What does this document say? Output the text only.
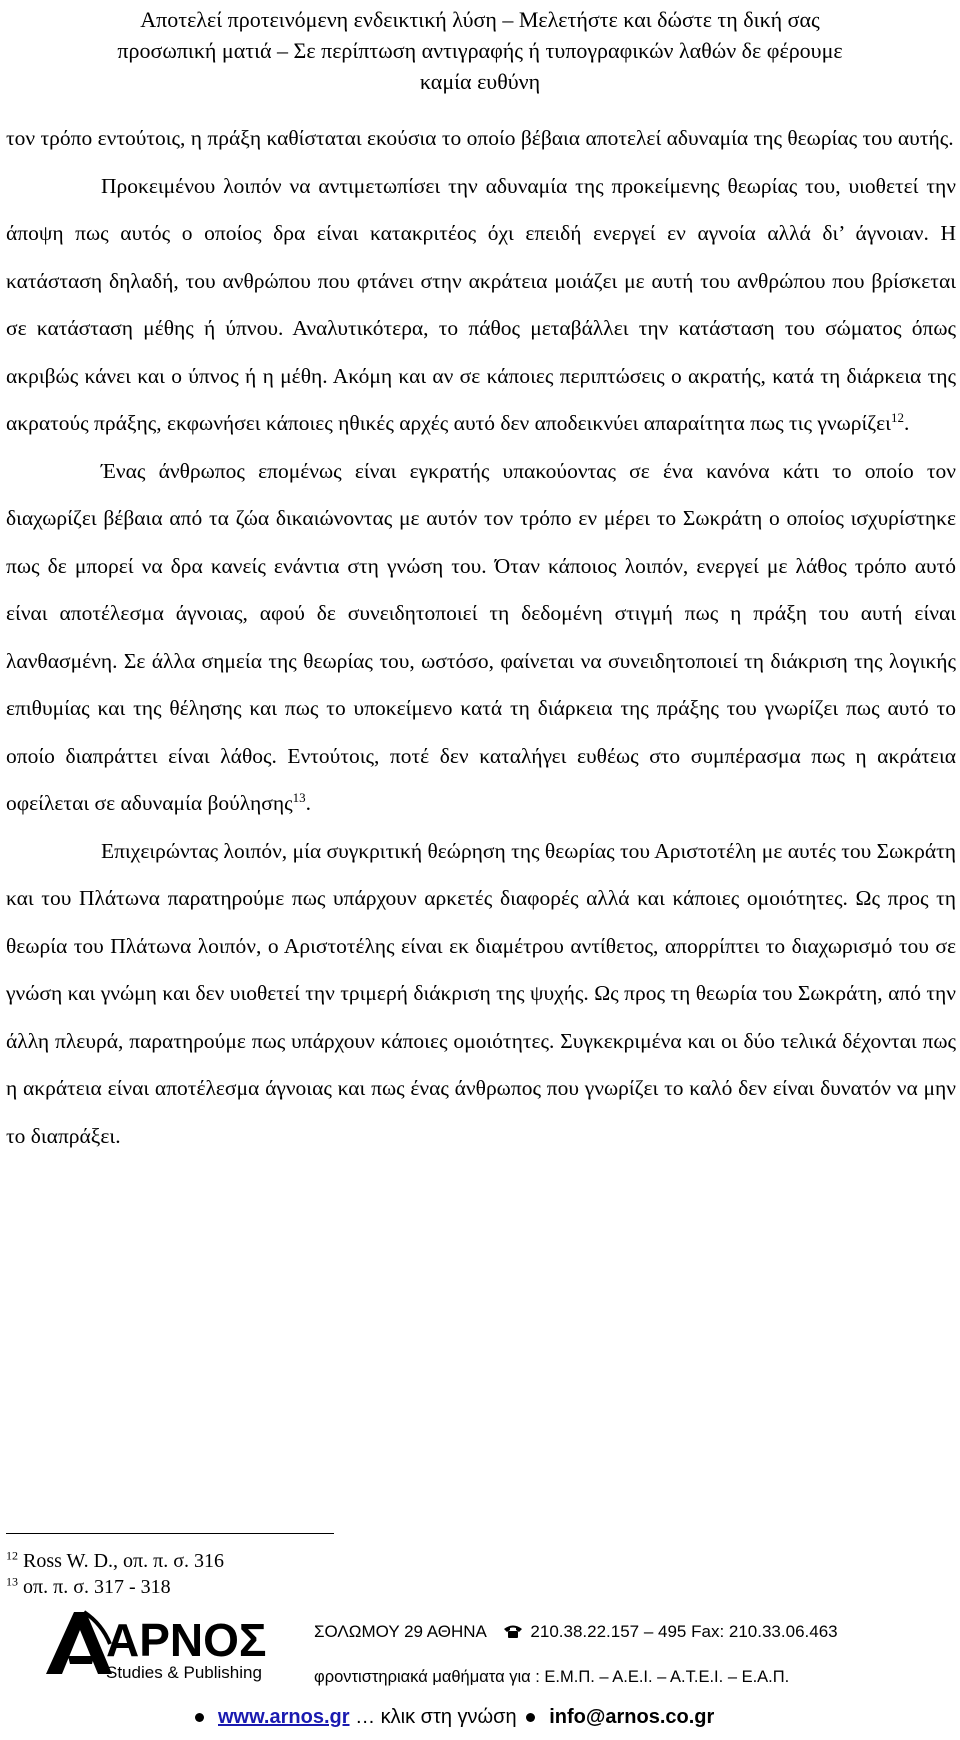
Αποτελεί προτεινόμενη ενδεικτική λύση – Μελετήστε και δώστε τη δική σας
προσωπική ματιά – Σε περίπτωση αντιγραφής ή τυπογραφικών λαθών δε φέρουμε
καμία ευθύνη

τον τρόπο εντούτοις, η πράξη καθίσταται εκούσια το οποίο βέβαια αποτελεί αδυναμία της θεωρίας του αυτής.

Προκειμένου λοιπόν να αντιμετωπίσει την αδυναμία της προκείμενης θεωρίας του, υιοθετεί την άποψη πως αυτός ο οποίος δρα είναι κατακριτέος όχι επειδή ενεργεί εν αγνοία αλλά δι’ άγνοιαν. Η κατάσταση δηλαδή, του ανθρώπου που φτάνει στην ακράτεια μοιάζει με αυτή του ανθρώπου που βρίσκεται σε κατάσταση μέθης ή ύπνου. Αναλυτικότερα, το πάθος μεταβάλλει την κατάσταση του σώματος όπως ακριβώς κάνει και ο ύπνος ή η μέθη. Ακόμη και αν σε κάποιες περιπτώσεις ο ακρατής, κατά τη διάρκεια της ακρατούς πράξης, εκφωνήσει κάποιες ηθικές αρχές αυτό δεν αποδεικνύει απαραίτητα πως τις γνωρίζει$^{12}$.

Ένας άνθρωπος επομένως είναι εγκρατής υπακούοντας σε ένα κανόνα κάτι το οποίο τον διαχωρίζει βέβαια από τα ζώα δικαιώνοντας με αυτόν τον τρόπο εν μέρει το Σωκράτη ο οποίος ισχυρίστηκε πως δε μπορεί να δρα κανείς ενάντια στη γνώση του. Όταν κάποιος λοιπόν, ενεργεί με λάθος τρόπο αυτό είναι αποτέλεσμα άγνοιας, αφού δε συνειδητοποιεί τη δεδομένη στιγμή πως η πράξη του αυτή είναι λανθασμένη. Σε άλλα σημεία της θεωρίας του, ωστόσο, φαίνεται να συνειδητοποιεί τη διάκριση της λογικής επιθυμίας και της θέλησης και πως το υποκείμενο κατά τη διάρκεια της πράξης του γνωρίζει πως αυτό το οποίο διαπράττει είναι λάθος. Εντούτοις, ποτέ δεν καταλήγει ευθέως στο συμπέρασμα πως η ακράτεια οφείλεται σε αδυναμία βούλησης$^{13}$.

Επιχειρώντας λοιπόν, μία συγκριτική θεώρηση της θεωρίας του Αριστοτέλη με αυτές του Σωκράτη και του Πλάτωνα παρατηρούμε πως υπάρχουν αρκετές διαφορές αλλά και κάποιες ομοιότητες. Ως προς τη θεωρία του Πλάτωνα λοιπόν, ο Αριστοτέλης είναι εκ διαμέτρου αντίθετος, απορρίπτει το διαχωρισμό του σε γνώση και γνώμη και δεν υιοθετεί την τριμερή διάκριση της ψυχής. Ως προς τη θεωρία του Σωκράτη, από την άλλη πλευρά, παρατηρούμε πως υπάρχουν κάποιες ομοιότητες. Συγκεκριμένα και οι δύο τελικά δέχονται πως η ακράτεια είναι αποτέλεσμα άγνοιας και πως ένας άνθρωπος που γνωρίζει το καλό δεν είναι δυνατόν να μην το διαπράξει.

$^{12}$ Ross W. D., οπ. π. σ. 316
$^{13}$ οπ. π. σ. 317 - 318
ΑΡΝΟΣ
Studies & Publishing
ΣΟΛΩΜΟΥ 29 ΑΘΗΝΑ	210.38.22.157 – 495 Fax: 210.33.06.463
φροντιστηριακά μαθήματα για : Ε.Μ.Π. – Α.Ε.Ι. – Α.Τ.Ε.Ι. – Ε.Α.Π.
www.arnos.gr … κλικ στη γνώση info@arnos.co.gr
